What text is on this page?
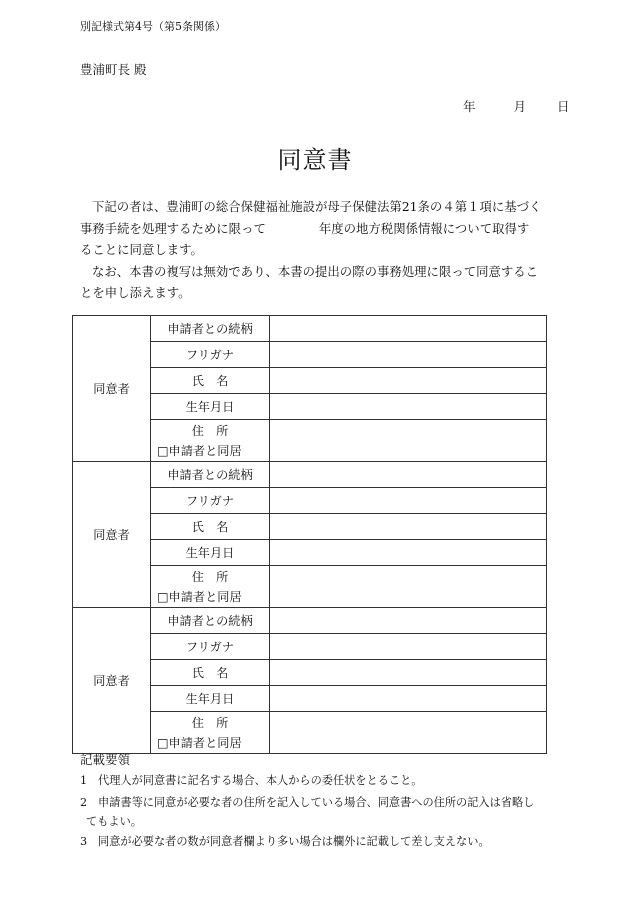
別記様式第4号（第5条関係）
豊浦町長 殿
年	月 日
同意書
下記の者は、豊浦町の総合保健福祉施設が母子保健法第21条の４第１項に基づく
事務手続を処理するために限って	年度の地方税関係情報について取得す
ることに同意します。
なお、本書の複写は無効であり、本書の提出の際の事務処理に限って同意するこ
とを申し添えます。
同意者	申請者との続柄	
	フリガナ	
	氏　名	
	生年月日	

	住　所
□申請者と同居	

同意者	申請者との続柄	
	フリガナ	
	氏　名	
	生年月日	

	住　所
□申請者と同居	

同意者	申請者との続柄	
	フリガナ	
	氏　名	
	生年月日	

	住　所
□申請者と同居	

記載要領
1 代理人が同意書に記名する場合、本人からの委任状をとること。
2 申請書等に同意が必要な者の住所を記入している場合、同意書への住所の記入は省略し
てもよい。
3 同意が必要な者の数が同意者欄より多い場合は欄外に記載して差し支えない。
